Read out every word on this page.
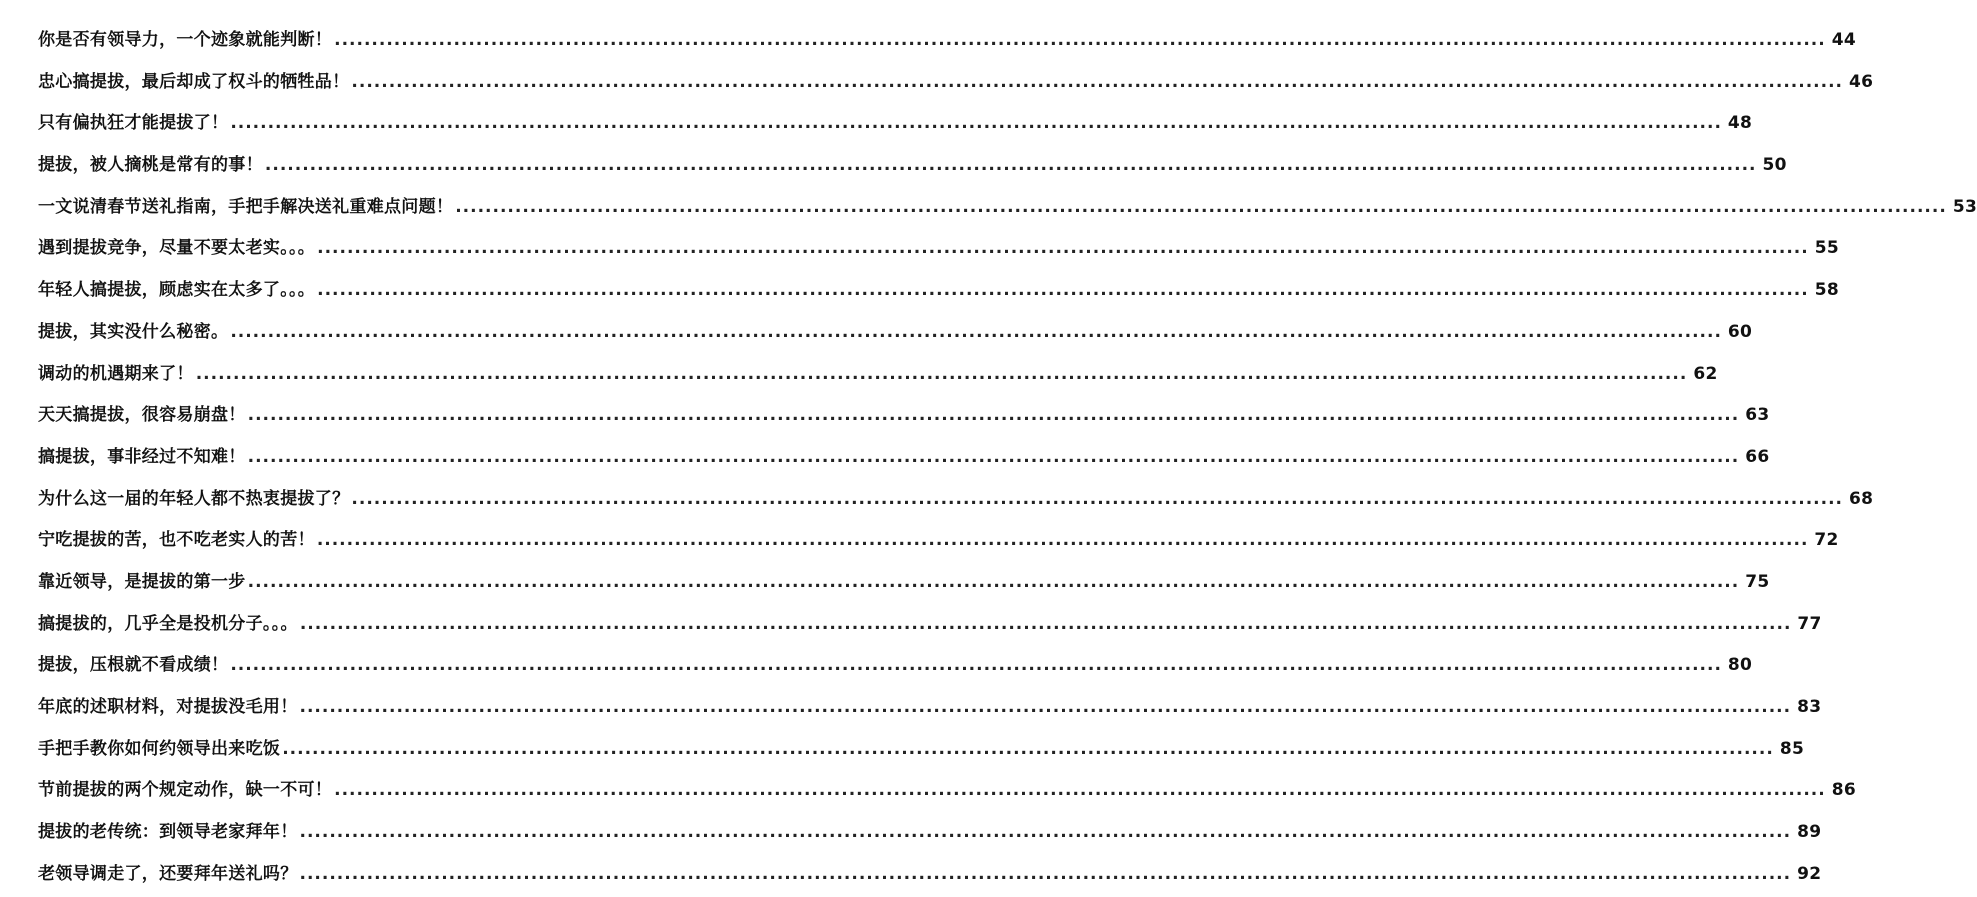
你是否有领导力，一个迹象就能判断！ ........................................................................................................................................................................................................ 44
忠心搞提拔，最后却成了权斗的牺牲品！ ........................................................................................................................................................................................................ 46
只有偏执狂才能提拔了！ ........................................................................................................................................................................................................ 48
提拔，被人摘桃是常有的事！ ........................................................................................................................................................................................................ 50
一文说清春节送礼指南，手把手解决送礼重难点问题！ ........................................................................................................................................................................................................ 53
遇到提拔竞争，尽量不要太老实。。。 ........................................................................................................................................................................................................ 55
年轻人搞提拔，顾虑实在太多了。。。 ........................................................................................................................................................................................................ 58
提拔，其实没什么秘密。 ........................................................................................................................................................................................................ 60
调动的机遇期来了！ ........................................................................................................................................................................................................ 62
天天搞提拔，很容易崩盘！ ........................................................................................................................................................................................................ 63
搞提拔，事非经过不知难！ ........................................................................................................................................................................................................ 66
为什么这一届的年轻人都不热衷提拔了？ ........................................................................................................................................................................................................ 68
宁吃提拔的苦，也不吃老实人的苦！ ........................................................................................................................................................................................................ 72
靠近领导，是提拔的第一步 ........................................................................................................................................................................................................ 75
搞提拔的，几乎全是投机分子。。。 ........................................................................................................................................................................................................ 77
提拔，压根就不看成绩！ ........................................................................................................................................................................................................ 80
年底的述职材料，对提拔没毛用！ ........................................................................................................................................................................................................ 83
手把手教你如何约领导出来吃饭 ........................................................................................................................................................................................................ 85
节前提拔的两个规定动作，缺一不可！ ........................................................................................................................................................................................................ 86
提拔的老传统：到领导老家拜年！ ........................................................................................................................................................................................................ 89
老领导调走了，还要拜年送礼吗？ ........................................................................................................................................................................................................ 92
